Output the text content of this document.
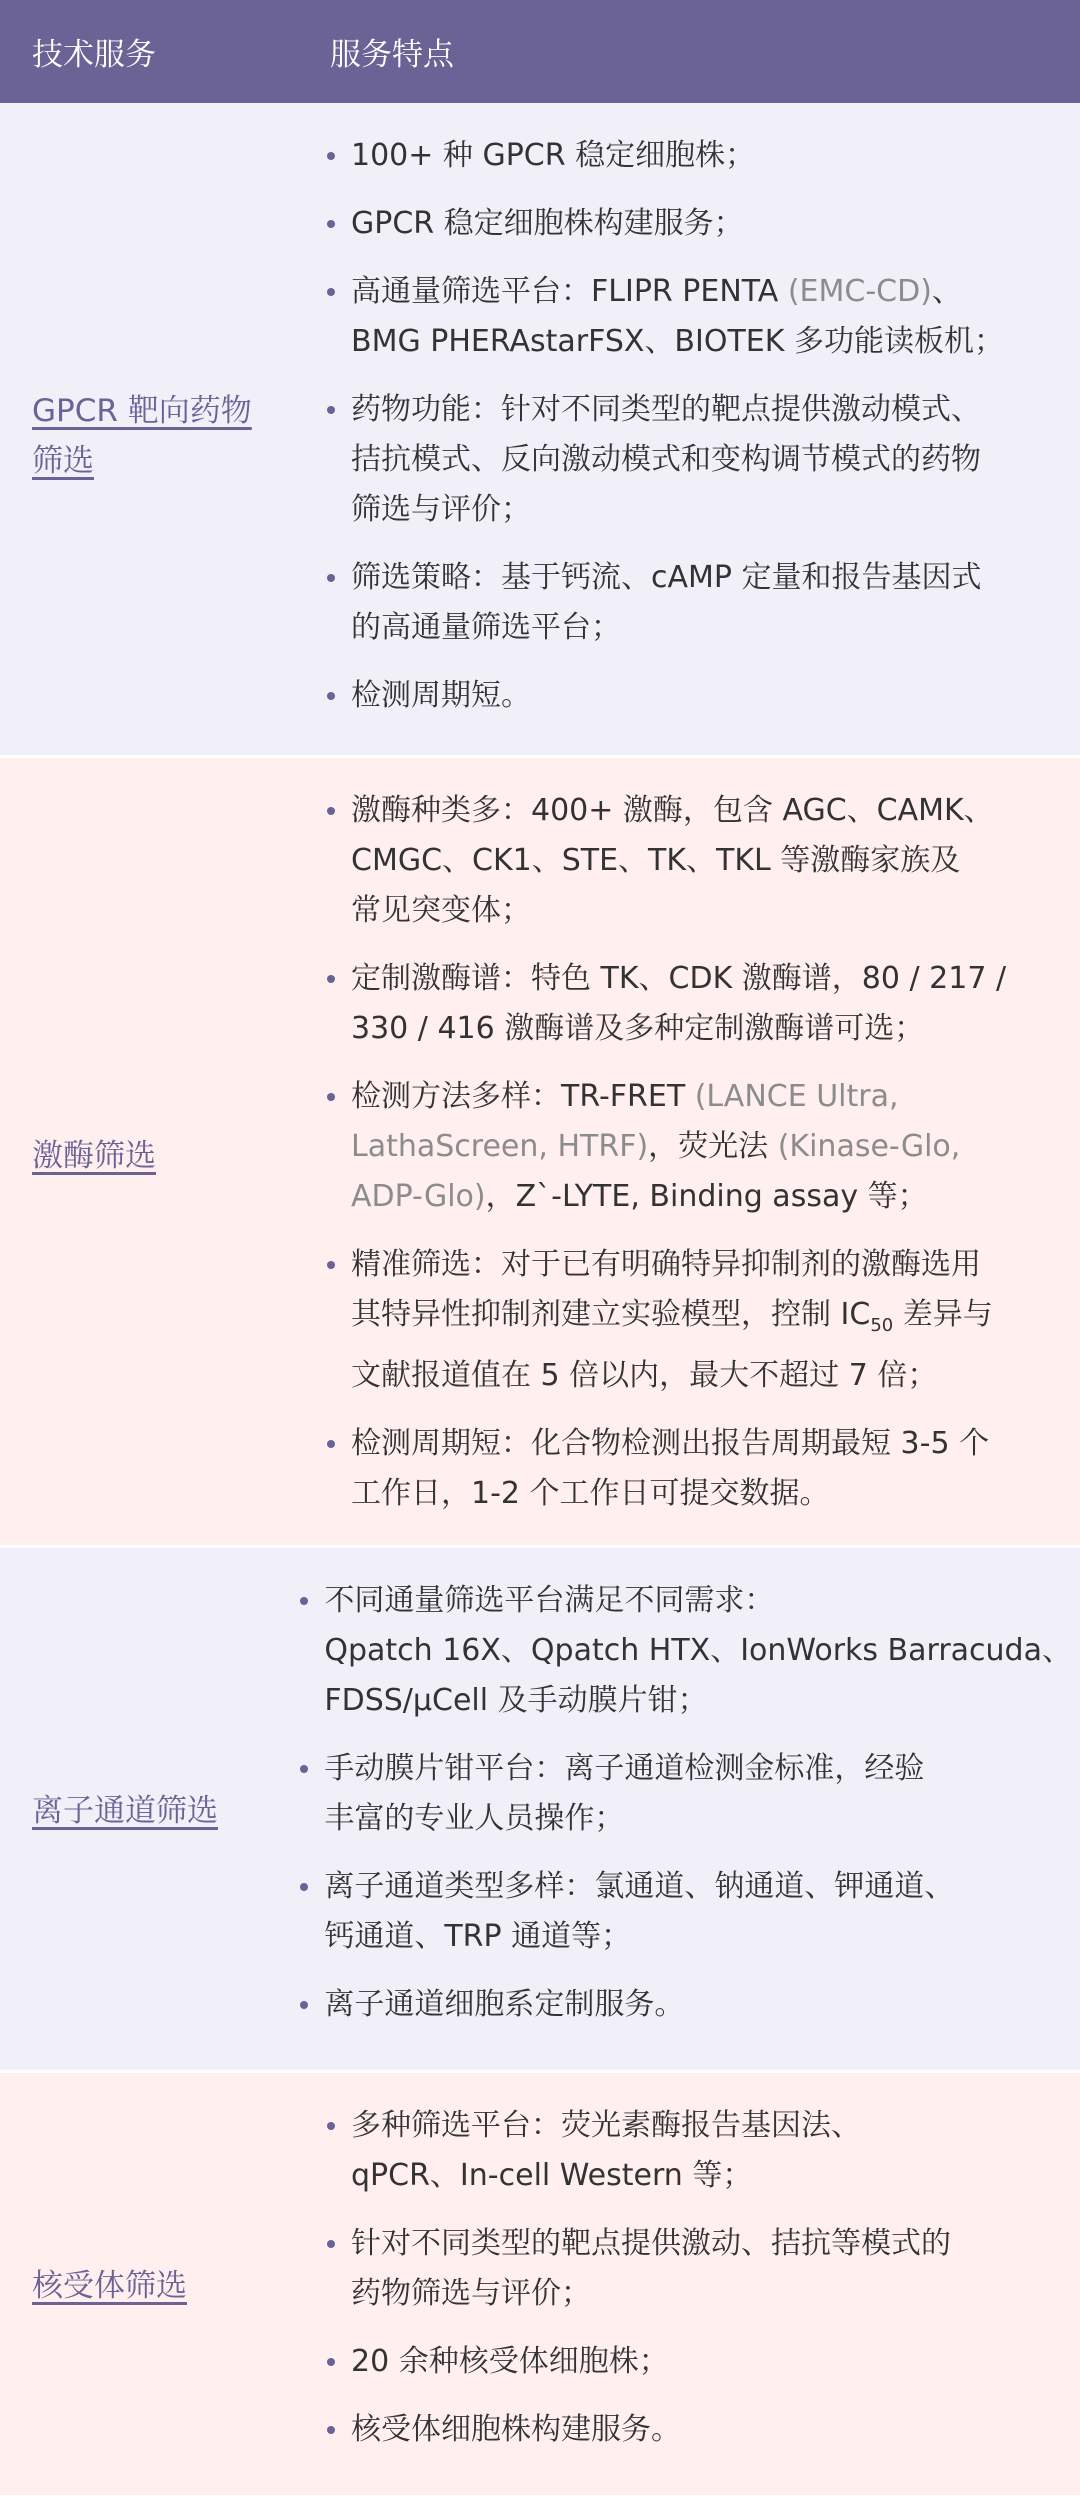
技术服务	服务特点
GPCR 靶向药物
筛选
100+ 种 GPCR 稳定细胞株；
GPCR 稳定细胞株构建服务；
高通量筛选平台：FLIPR PENTA (EMC-CD)、
BMG PHERAstarFSX、BIOTEK 多功能读板机；
药物功能：针对不同类型的靶点提供激动模式、
拮抗模式、反向激动模式和变构调节模式的药物
筛选与评价；
筛选策略：基于钙流、cAMP 定量和报告基因式
的高通量筛选平台；
检测周期短。
激酶筛选
激酶种类多：400+ 激酶，包含 AGC、CAMK、
CMGC、CK1、STE、TK、TKL 等激酶家族及
常见突变体；
定制激酶谱：特色 TK、CDK 激酶谱，80 / 217 /
330 / 416 激酶谱及多种定制激酶谱可选；
检测方法多样：TR-FRET (LANCE Ultra,
LathaScreen, HTRF)，荧光法 (Kinase-Glo,
ADP-Glo)，Z`-LYTE, Binding assay 等；
精准筛选：对于已有明确特异抑制剂的激酶选用
其特异性抑制剂建立实验模型，控制 $IC_{50}$ 差异与
文献报道值在 5 倍以内，最大不超过 7 倍；
检测周期短：化合物检测出报告周期最短 3-5 个
工作日，1-2 个工作日可提交数据。
离子通道筛选
不同通量筛选平台满足不同需求：
Qpatch 16X、Qpatch HTX、IonWorks Barracuda、
FDSS/μCell 及手动膜片钳；
手动膜片钳平台：离子通道检测金标准，经验
丰富的专业人员操作；
离子通道类型多样：氯通道、钠通道、钾通道、
钙通道、TRP 通道等；
离子通道细胞系定制服务。
核受体筛选
多种筛选平台：荧光素酶报告基因法、
qPCR、In-cell Western 等；
针对不同类型的靶点提供激动、拮抗等模式的
药物筛选与评价；
20 余种核受体细胞株；
核受体细胞株构建服务。
